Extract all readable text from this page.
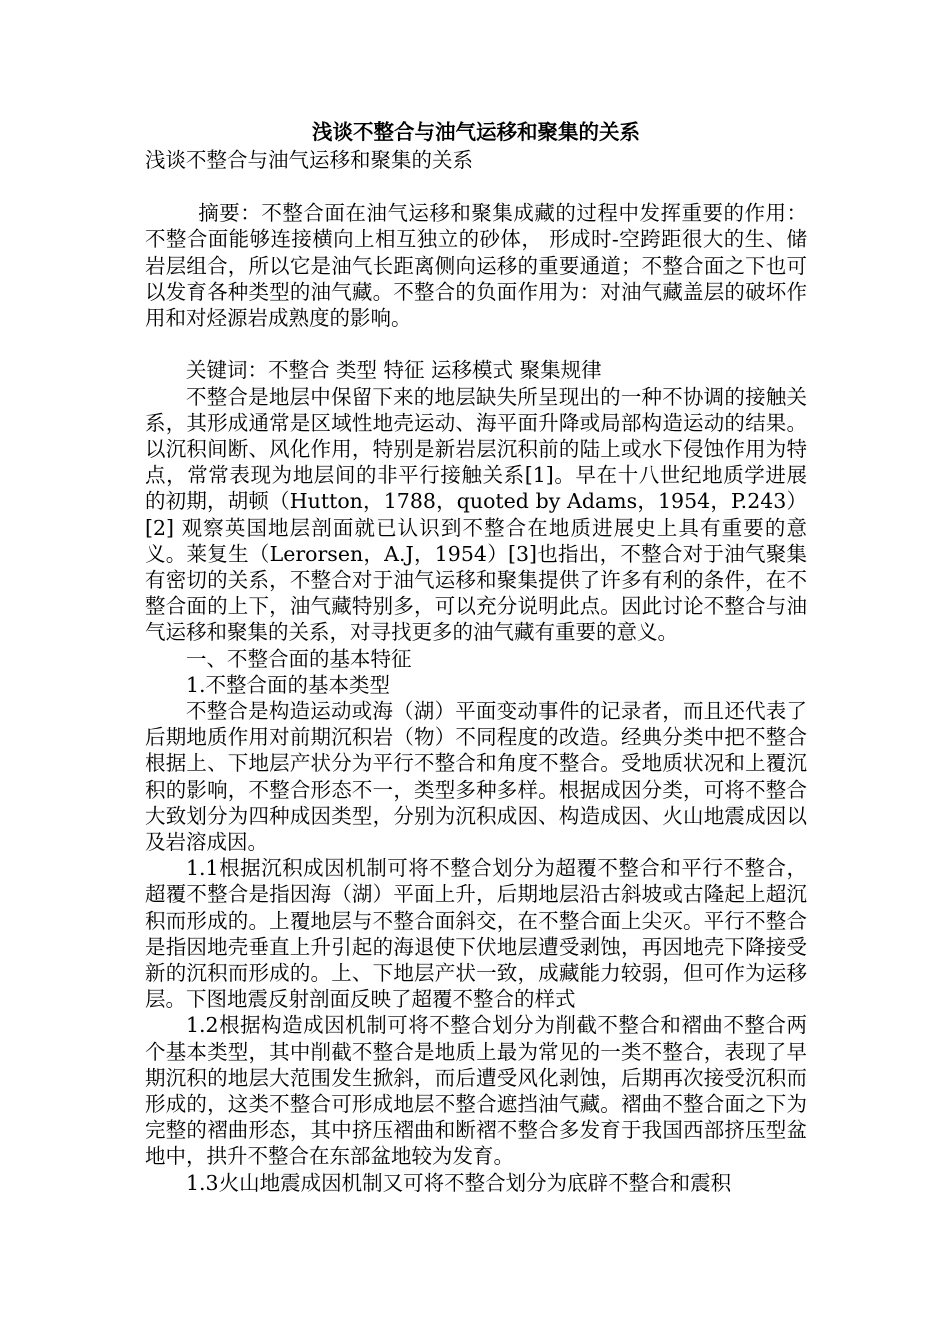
浅谈不整合与油气运移和聚集的关系
浅谈不整合与油气运移和聚集的关系

摘要：不整合面在油气运移和聚集成藏的过程中发挥重要的作用：不整合面能够连接横向上相互独立的砂体， 形成时-空跨距很大的生、储岩层组合，所以它是油气长距离侧向运移的重要通道；不整合面之下也可以发育各种类型的油气藏。不整合的负面作用为：对油气藏盖层的破坏作用和对烃源岩成熟度的影响。

关键词：不整合 类型 特征 运移模式 聚集规律

不整合是地层中保留下来的地层缺失所呈现出的一种不协调的接触关系，其形成通常是区域性地壳运动、海平面升降或局部构造运动的结果。以沉积间断、风化作用，特别是新岩层沉积前的陆上或水下侵蚀作用为特点，常常表现为地层间的非平行接触关系[1]。早在十八世纪地质学进展的初期，胡顿（Hutton，1788，quoted by Adams，1954，P.243）[2] 观察英国地层剖面就已认识到不整合在地质进展史上具有重要的意义。莱复生（Lerorsen，A.J，1954）[3]也指出，不整合对于油气聚集有密切的关系，不整合对于油气运移和聚集提供了许多有利的条件，在不整合面的上下，油气藏特别多，可以充分说明此点。因此讨论不整合与油气运移和聚集的关系，对寻找更多的油气藏有重要的意义。

一、不整合面的基本特征

1.不整合面的基本类型

不整合是构造运动或海（湖）平面变动事件的记录者，而且还代表了后期地质作用对前期沉积岩（物）不同程度的改造。经典分类中把不整合根据上、下地层产状分为平行不整合和角度不整合。受地质状况和上覆沉积的影响，不整合形态不一，类型多种多样。根据成因分类，可将不整合大致划分为四种成因类型，分别为沉积成因、构造成因、火山地震成因以及岩溶成因。

1.1根据沉积成因机制可将不整合划分为超覆不整合和平行不整合，超覆不整合是指因海（湖）平面上升，后期地层沿古斜坡或古隆起上超沉积而形成的。上覆地层与不整合面斜交，在不整合面上尖灭。平行不整合是指因地壳垂直上升引起的海退使下伏地层遭受剥蚀，再因地壳下降接受新的沉积而形成的。上、下地层产状一致，成藏能力较弱，但可作为运移层。下图地震反射剖面反映了超覆不整合的样式

1.2根据构造成因机制可将不整合划分为削截不整合和褶曲不整合两个基本类型，其中削截不整合是地质上最为常见的一类不整合，表现了早期沉积的地层大范围发生掀斜，而后遭受风化剥蚀，后期再次接受沉积而形成的，这类不整合可形成地层不整合遮挡油气藏。褶曲不整合面之下为完整的褶曲形态，其中挤压褶曲和断褶不整合多发育于我国西部挤压型盆地中，拱升不整合在东部盆地较为发育。

1.3火山地震成因机制又可将不整合划分为底辟不整合和震积
